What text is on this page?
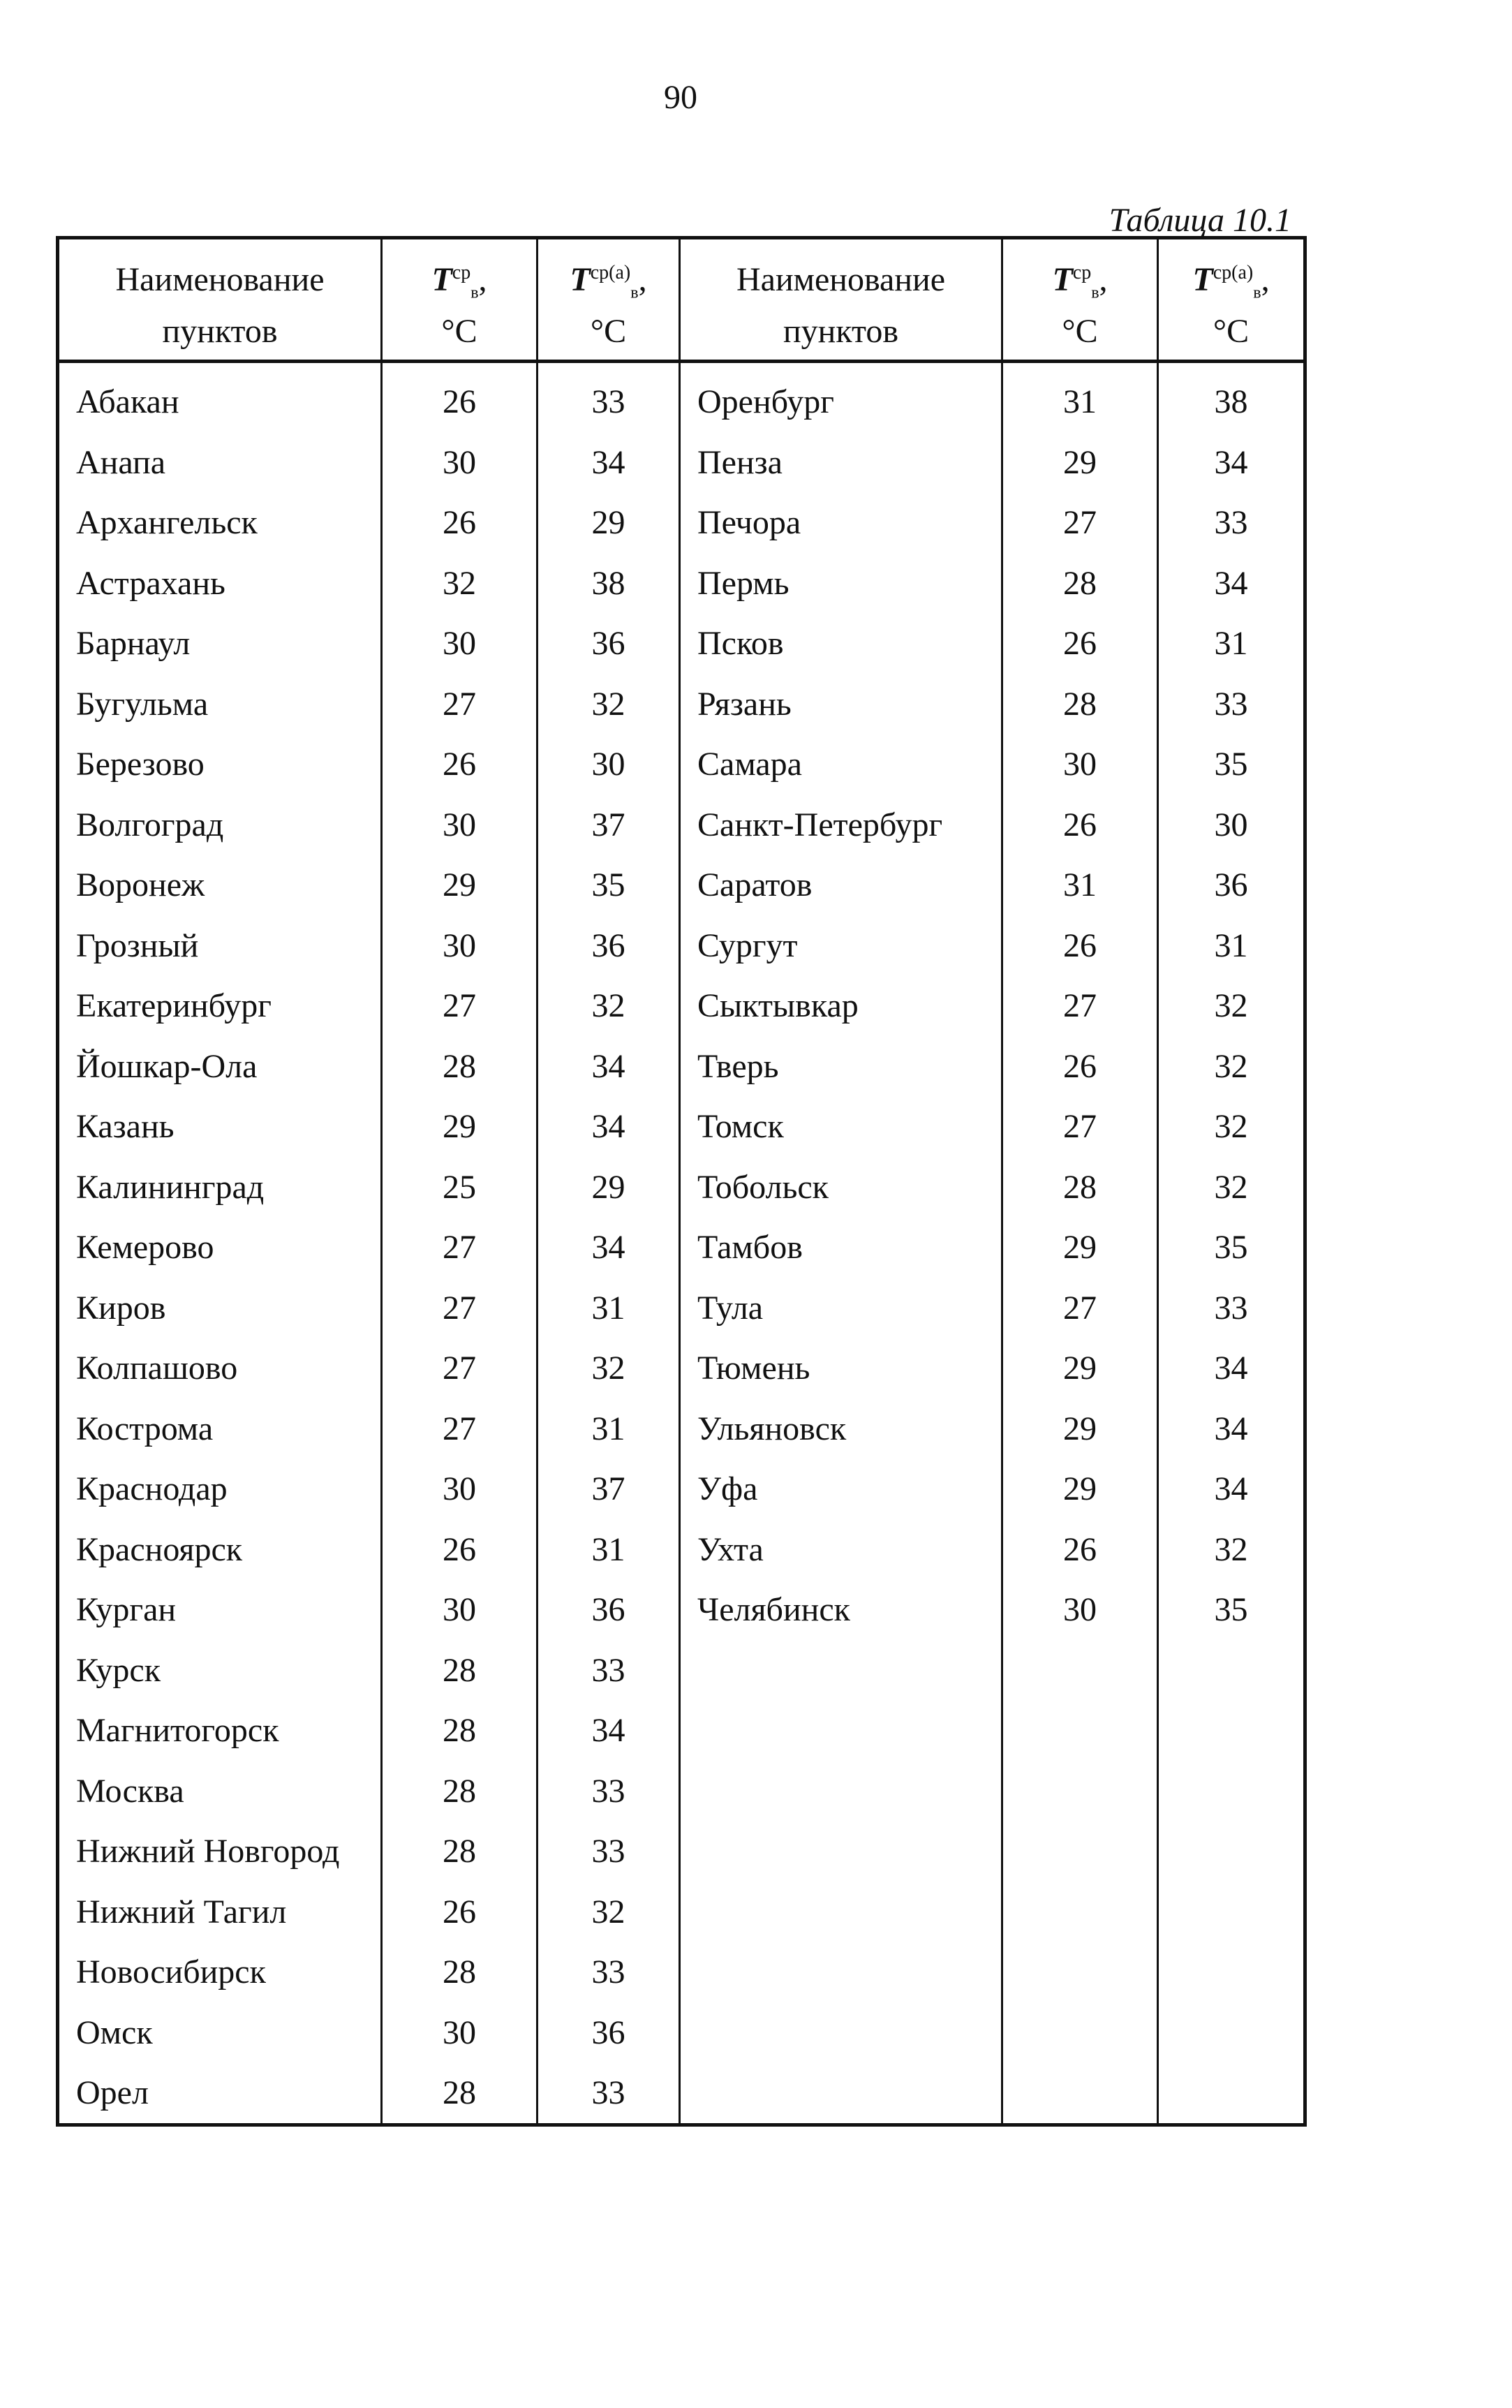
90
Таблица 10.1
Наименование
пунктов
$T^{ср}_в$,
°С
$T^{ср(a)}_в$,
°С
Наименование
пунктов
$T^{ср}_в$,
°С
$T^{ср(a)}_в$,
°С
Абакан
Анапа
Архангельск
Астрахань
Барнаул
Бугульма
Березово
Волгоград
Воронеж
Грозный
Екатеринбург
Йошкар-Ола
Казань
Калининград
Кемерово
Киров
Колпашово
Кострома
Краснодар
Красноярск
Курган
Курск
Магнитогорск
Москва
Нижний Новгород
Нижний Тагил
Новосибирск
Омск
Орел
26
30
26
32
30
27
26
30
29
30
27
28
29
25
27
27
27
27
30
26
30
28
28
28
28
26
28
30
28
33
34
29
38
36
32
30
37
35
36
32
34
34
29
34
31
32
31
37
31
36
33
34
33
33
32
33
36
33
Оренбург
Пенза
Печора
Пермь
Псков
Рязань
Самара
Санкт-Петербург
Саратов
Сургут
Сыктывкар
Тверь
Томск
Тобольск
Тамбов
Тула
Тюмень
Ульяновск
Уфа
Ухта
Челябинск
31
29
27
28
26
28
30
26
31
26
27
26
27
28
29
27
29
29
29
26
30
38
34
33
34
31
33
35
30
36
31
32
32
32
32
35
33
34
34
34
32
35
